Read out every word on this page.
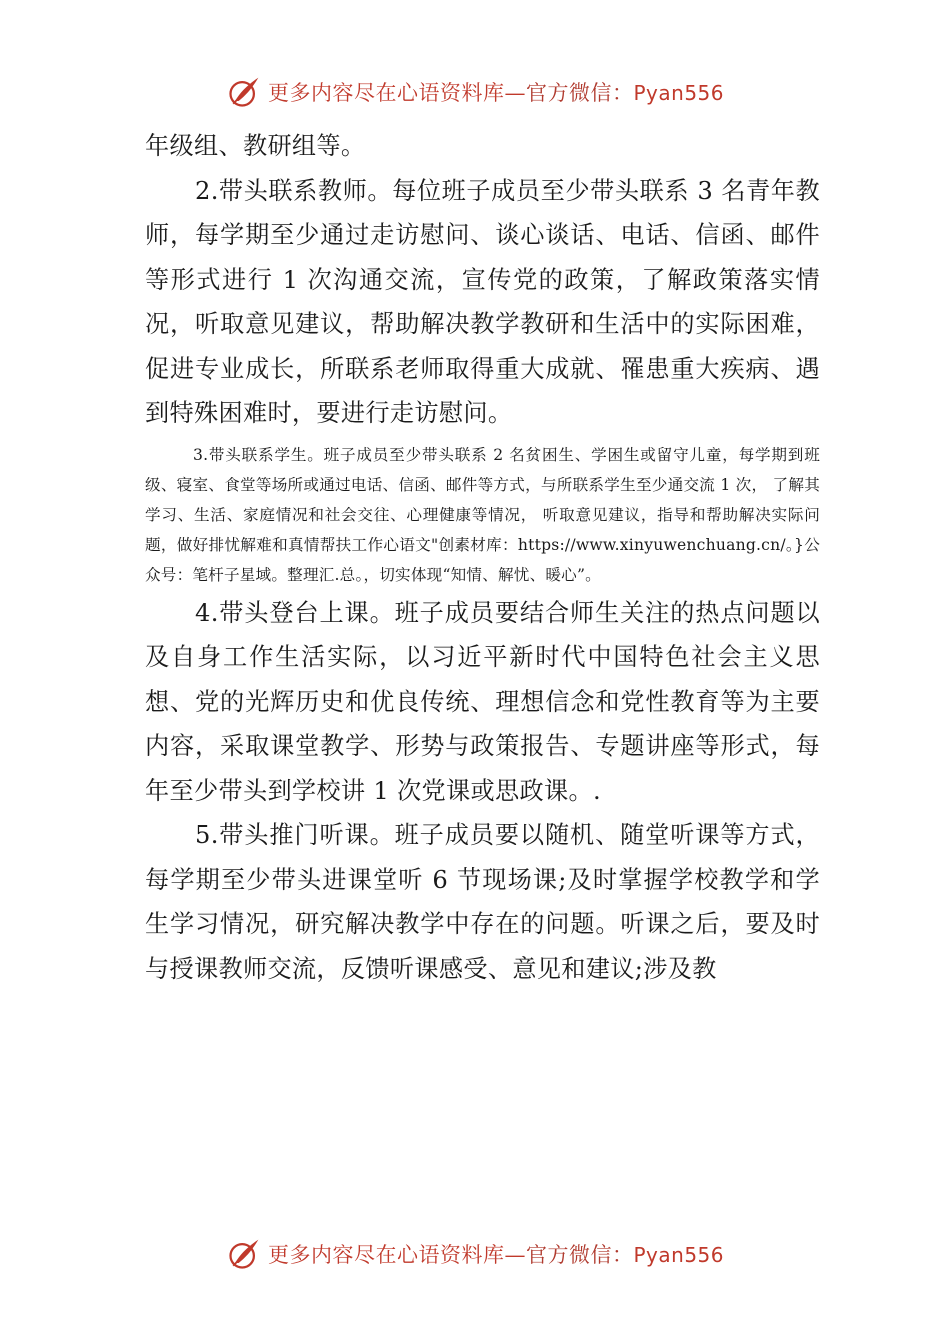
更多内容尽在心语资料库—官方微信：Pyan556

年级组、教研组等。

2.带头联系教师。每位班子成员至少带头联系 3 名青年教师，每学期至少通过走访慰问、谈心谈话、电话、信函、邮件等形式进行 1 次沟通交流，宣传党的政策，了解政策落实情况，听取意见建议，帮助解决教学教研和生活中的实际困难，促进专业成长，所联系老师取得重大成就、罹患重大疾病、遇到特殊困难时，要进行走访慰问。

3.带头联系学生。班子成员至少带头联系 2 名贫困生、学困生或留守儿童，每学期到班级、寝室、食堂等场所或通过电话、信函、邮件等方式，与所联系学生至少通交流 1 次， 了解其学习、生活、家庭情况和社会交往、心理健康等情况， 听取意见建议，指导和帮助解决实际问题，做好排忧解难和真情帮扶工作心语文"创素材库：https://www.xinyuwenchuang.cn/。}公众号：笔杆子星域。整理汇.总。，切实体现“知情、解忧、暖心”。

4.带头登台上课。班子成员要结合师生关注的热点问题以及自身工作生活实际，以习近平新时代中国特色社会主义思想、党的光辉历史和优良传统、理想信念和党性教育等为主要内容，采取课堂教学、形势与政策报告、专题讲座等形式，每年至少带头到学校讲 1 次党课或思政课。.

5.带头推门听课。班子成员要以随机、随堂听课等方式，每学期至少带头进课堂听 6 节现场课;及时掌握学校教学和学生学习情况，研究解决教学中存在的问题。听课之后，要及时与授课教师交流，反馈听课感受、意见和建议;涉及教

更多内容尽在心语资料库—官方微信：Pyan556
